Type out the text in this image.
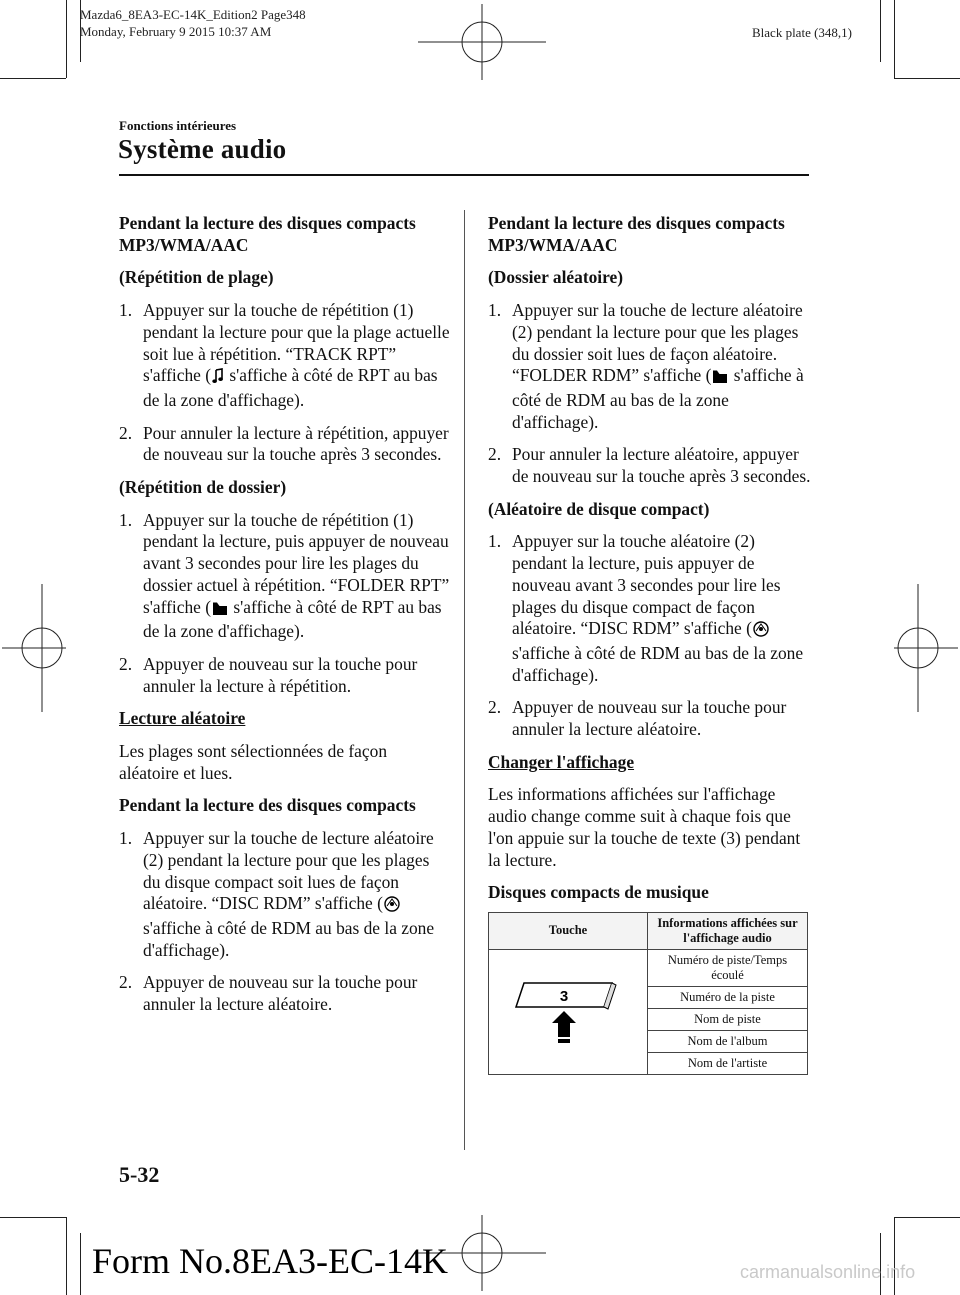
Mazda6_8EA3-EC-14K_Edition2 Page348
Monday, February 9 2015 10:37 AM	Black plate (348,1)
Fonctions intérieures
Système audio

Pendant la lecture des disques compacts MP3/WMA/AAC

(Répétition de plage)

1. Appuyer sur la touche de répétition (1) pendant la lecture pour que la plage actuelle soit lue à répétition. “TRACK RPT” s'affiche ( s'affiche à côté de RPT au bas de la zone d'affichage).
2. Pour annuler la lecture à répétition, appuyer de nouveau sur la touche après 3 secondes.

(Répétition de dossier)

1. Appuyer sur la touche de répétition (1) pendant la lecture, puis appuyer de nouveau avant 3 secondes pour lire les plages du dossier actuel à répétition. “FOLDER RPT” s'affiche ( s'affiche à côté de RPT au bas de la zone d'affichage).
2. Appuyer de nouveau sur la touche pour annuler la lecture à répétition.

Lecture aléatoire

Les plages sont sélectionnées de façon aléatoire et lues.

Pendant la lecture des disques compacts

1. Appuyer sur la touche de lecture aléatoire (2) pendant la lecture pour que les plages du disque compact soit lues de façon aléatoire. “DISC RDM” s'affiche ( s'affiche à côté de RDM au bas de la zone d'affichage).
2. Appuyer de nouveau sur la touche pour annuler la lecture aléatoire.

Pendant la lecture des disques compacts MP3/WMA/AAC

(Dossier aléatoire)

1. Appuyer sur la touche de lecture aléatoire (2) pendant la lecture pour que les plages du dossier soit lues de façon aléatoire. “FOLDER RDM” s'affiche ( s'affiche à côté de RDM au bas de la zone d'affichage).
2. Pour annuler la lecture aléatoire, appuyer de nouveau sur la touche après 3 secondes.

(Aléatoire de disque compact)

1. Appuyer sur la touche aléatoire (2) pendant la lecture, puis appuyer de nouveau avant 3 secondes pour lire les plages du disque compact de façon aléatoire. “DISC RDM” s'affiche ( s'affiche à côté de RDM au bas de la zone d'affichage).
2. Appuyer de nouveau sur la touche pour annuler la lecture aléatoire.

Changer l'affichage

Les informations affichées sur l'affichage audio change comme suit à chaque fois que l'on appuie sur la touche de texte (3) pendant la lecture.

Disques compacts de musique

Touche	Informations affichées sur l'affichage audio

3	Numéro de piste/Temps écoulé
	Numéro de la piste
	Nom de piste
	Nom de l'album
	Nom de l'artiste
5-32
Form No.8EA3-EC-14K	carmanualsonline.info
